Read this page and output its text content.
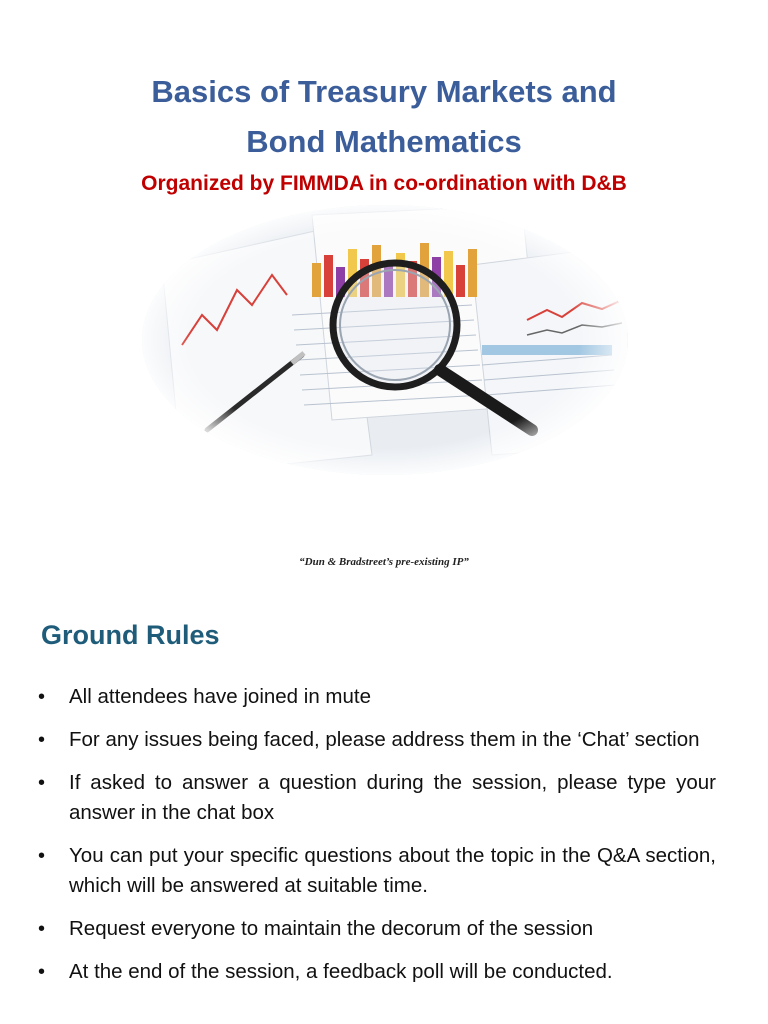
Basics of Treasury Markets and
Bond Mathematics
Organized by FIMMDA in co-ordination with D&B
“Dun & Bradstreet’s pre-existing IP”
Ground Rules
• All attendees have joined in mute
• For any issues being faced, please address them in the ‘Chat’ section
• If asked to answer a question during the session, please type your answer in the chat box
• You can put your specific questions about the topic in the Q&A section, which will be answered at suitable time.
• Request everyone to maintain the decorum of the session
• At the end of the session, a feedback poll will be conducted.
